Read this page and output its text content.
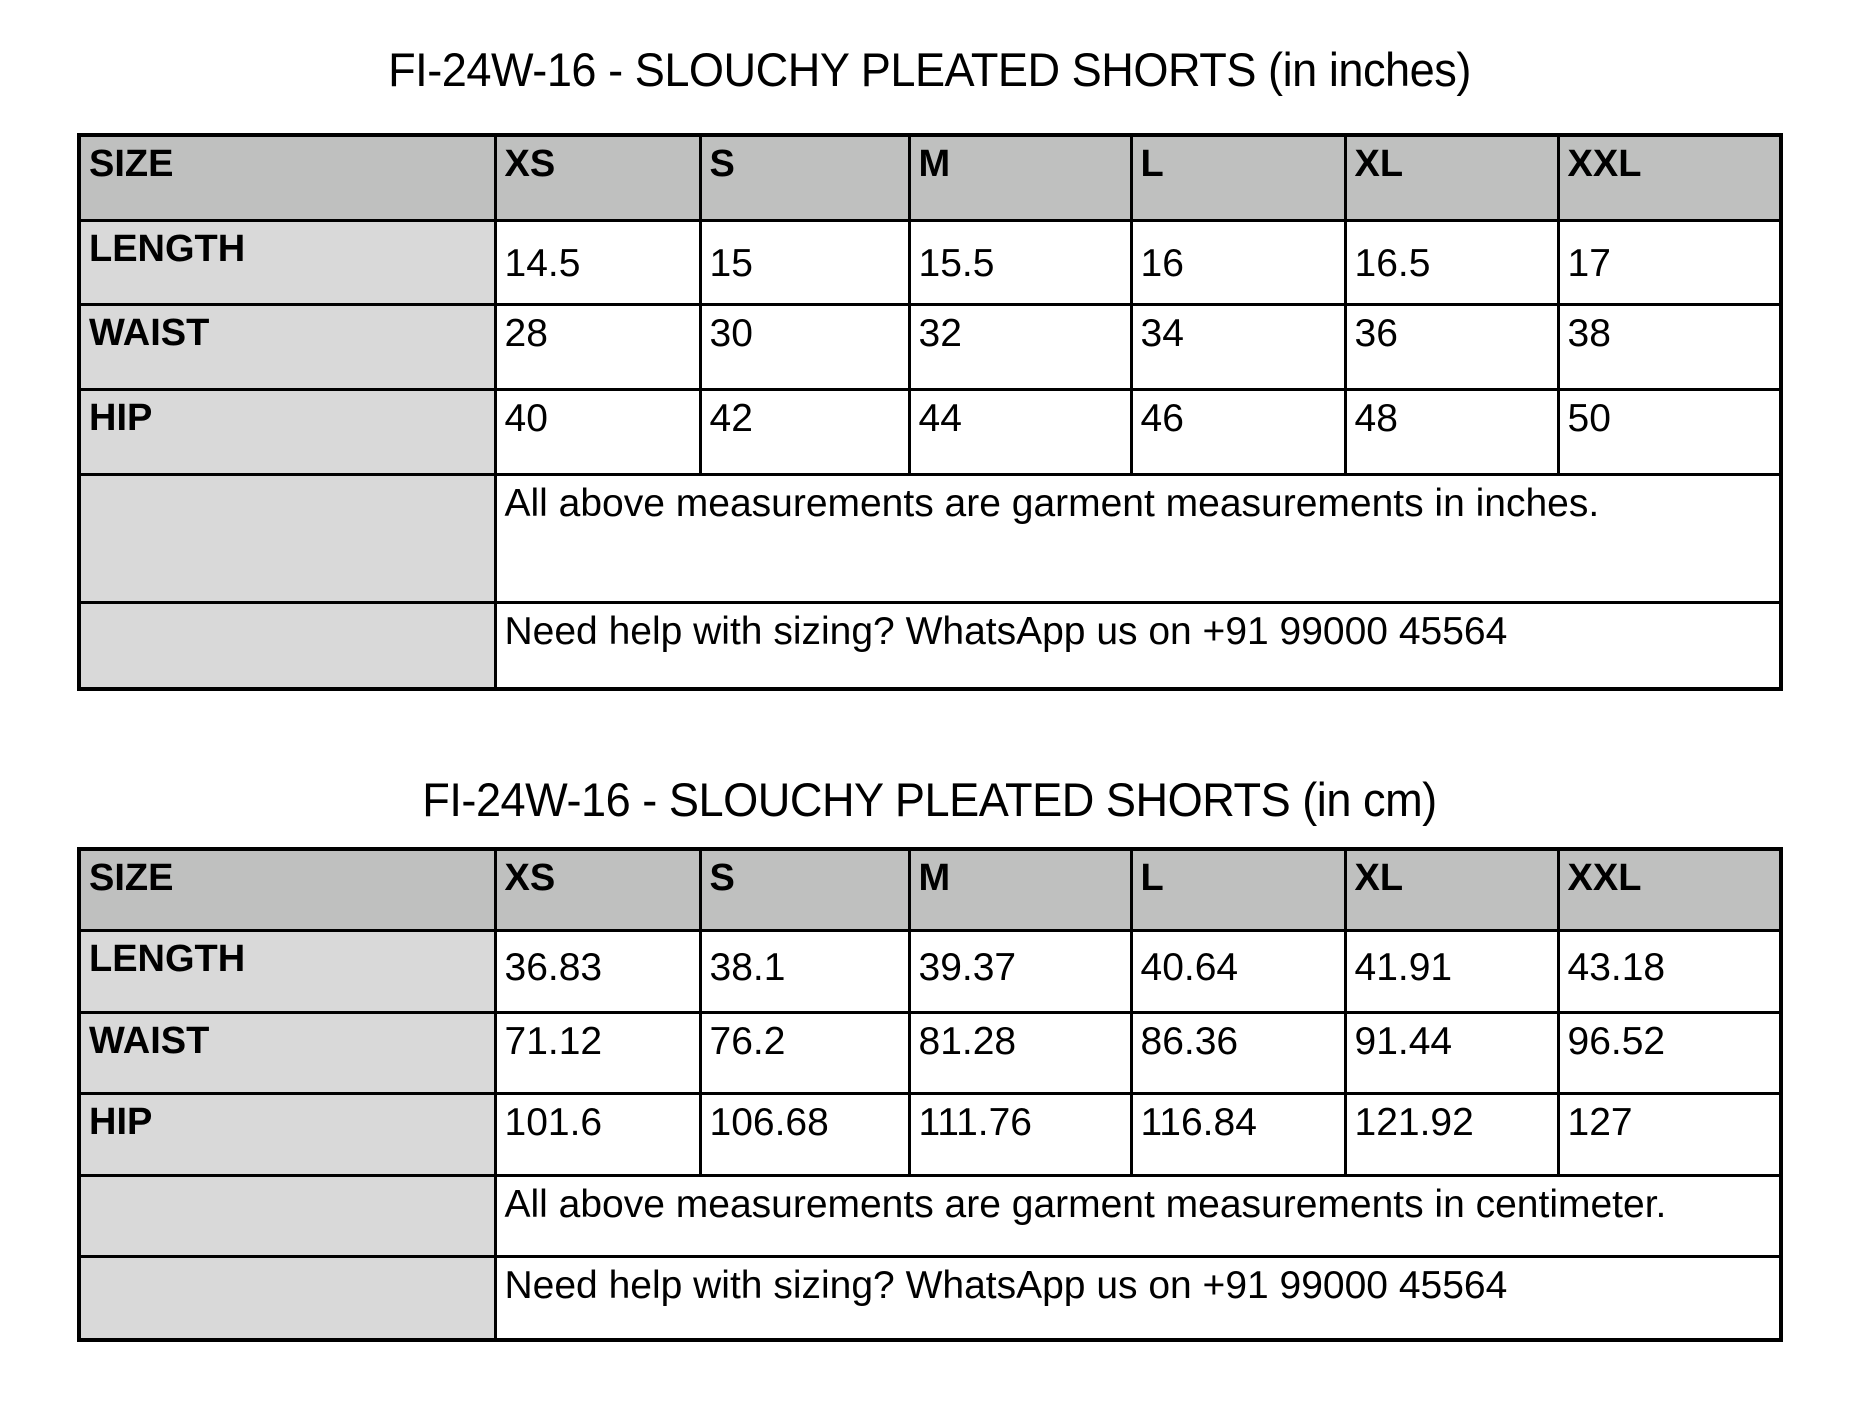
FI-24W-16 - SLOUCHY PLEATED SHORTS (in inches)
SIZE	XS	S	M	L	XL	XXL
LENGTH	14.5	15	15.5	16	16.5	17
WAIST	28	30	32	34	36	38
HIP	40	42	44	46	48	50
	All above measurements are garment measurements in inches.					
	Need help with sizing? WhatsApp us on +91 99000 45564					
FI-24W-16 - SLOUCHY PLEATED SHORTS (in cm)
SIZE	XS	S	M	L	XL	XXL
LENGTH	36.83	38.1	39.37	40.64	41.91	43.18
WAIST	71.12	76.2	81.28	86.36	91.44	96.52
HIP	101.6	106.68	111.76	116.84	121.92	127
	All above measurements are garment measurements in centimeter.					
	Need help with sizing? WhatsApp us on +91 99000 45564					
